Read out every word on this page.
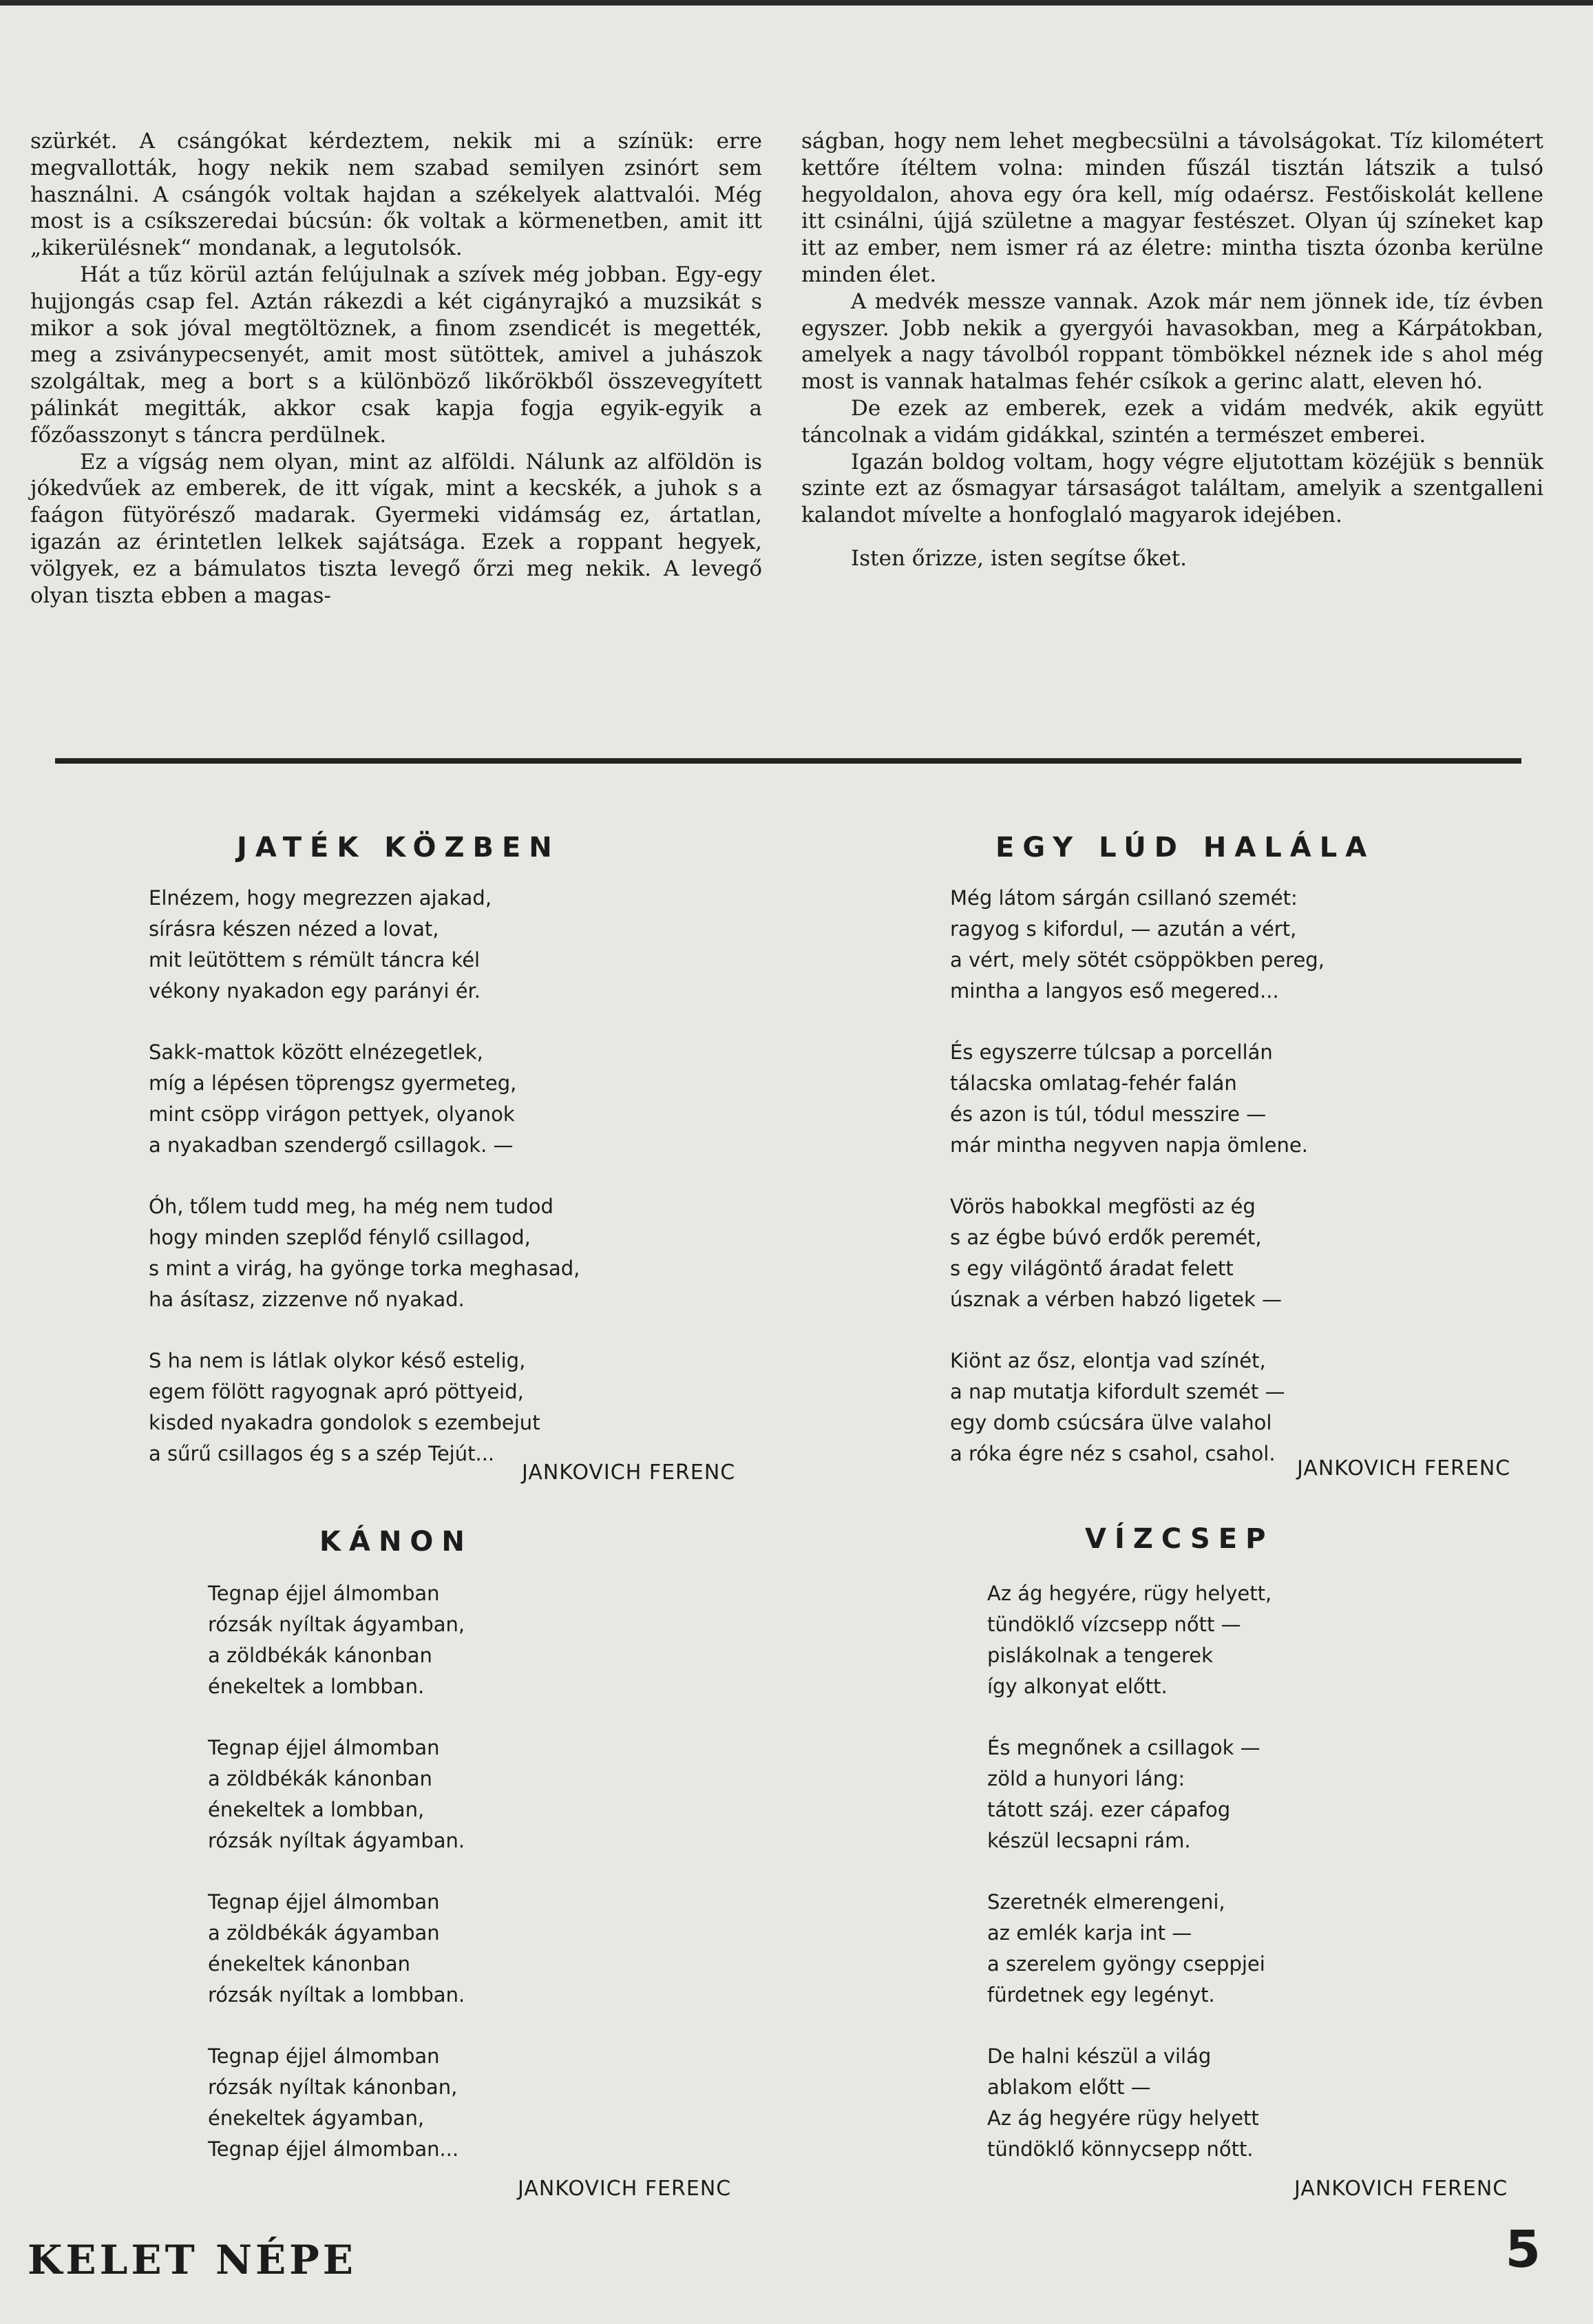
szürkét. A csángókat kérdeztem, nekik mi a színük: erre megvallották, hogy nekik nem szabad semilyen zsinórt sem használni. A csángók voltak hajdan a székelyek alattvalói. Még most is a csíkszeredai búcsún: ők voltak a körmenetben, amit itt „kikerülésnek“ mondanak, a legutolsók.

Hát a tűz körül aztán felújulnak a szívek még jobban. Egy-egy hujjongás csap fel. Aztán rákezdi a két cigányrajkó a muzsikát s mikor a sok jóval megtöltöznek, a finom zsendicét is megették, meg a zsiványpecsenyét, amit most sütöttek, amivel a juhászok szolgáltak, meg a bort s a különböző likőrökből összevegyített pálinkát megitták, akkor csak kapja fogja egyik-egyik a főzőasszonyt s táncra perdülnek.

Ez a vígság nem olyan, mint az alföldi. Nálunk az alföldön is jókedvűek az emberek, de itt vígak, mint a kecskék, a juhok s a faágon fütyörésző madarak. Gyermeki vidámság ez, ártatlan, igazán az érintetlen lelkek sajátsága. Ezek a roppant hegyek, völgyek, ez a bámulatos tiszta levegő őrzi meg nekik. A levegő olyan tiszta ebben a magas-

ságban, hogy nem lehet megbecsülni a távolságokat. Tíz kilométert kettőre ítéltem volna: minden fűszál tisztán látszik a tulsó hegyoldalon, ahova egy óra kell, míg odaérsz. Festőiskolát kellene itt csinálni, újjá születne a magyar festészet. Olyan új színeket kap itt az ember, nem ismer rá az életre: mintha tiszta ózonba kerülne minden élet.

A medvék messze vannak. Azok már nem jönnek ide, tíz évben egyszer. Jobb nekik a gyergyói havasokban, meg a Kárpátokban, amelyek a nagy távolból roppant tömbökkel néznek ide s ahol még most is vannak hatalmas fehér csíkok a gerinc alatt, eleven hó.

De ezek az emberek, ezek a vidám medvék, akik együtt táncolnak a vidám gidákkal, szintén a természet emberei.

Igazán boldog voltam, hogy végre eljutottam közéjük s bennük szinte ezt az ősmagyar társaságot találtam, amelyik a szentgalleni kalandot mívelte a honfoglaló magyarok idejében.

Isten őrizze, isten segítse őket.

JATÉK KÖZBEN
Elnézem, hogy megrezzen ajakad,
sírásra készen nézed a lovat,
mit leütöttem s rémült táncra kél
vékony nyakadon egy parányi ér.
Sakk-mattok között elnézegetlek,
míg a lépésen töprengsz gyermeteg,
mint csöpp virágon pettyek, olyanok
a nyakadban szendergő csillagok. —
Óh, tőlem tudd meg, ha még nem tudod
hogy minden szeplőd fénylő csillagod,
s mint a virág, ha gyönge torka meghasad,
ha ásítasz, zizzenve nő nyakad.
S ha nem is látlak olykor késő estelig,
egem fölött ragyognak apró pöttyeid,
kisded nyakadra gondolok s ezembejut
a sűrű csillagos ég s a szép Tejút...
JANKOVICH FERENC
EGY LÚD HALÁLA
Még látom sárgán csillanó szemét:
ragyog s kifordul, — azután a vért,
a vért, mely sötét csöppökben pereg,
mintha a langyos eső megered...
És egyszerre túlcsap a porcellán
tálacska omlatag-fehér falán
és azon is túl, tódul messzire —
már mintha negyven napja ömlene.
Vörös habokkal megfösti az ég
s az égbe búvó erdők peremét,
s egy világöntő áradat felett
úsznak a vérben habzó ligetek —
Kiönt az ősz, elontja vad színét,
a nap mutatja kifordult szemét —
egy domb csúcsára ülve valahol
a róka égre néz s csahol, csahol.
JANKOVICH FERENC
KÁNON
Tegnap éjjel álmomban
rózsák nyíltak ágyamban,
a zöldbékák kánonban
énekeltek a lombban.
Tegnap éjjel álmomban
a zöldbékák kánonban
énekeltek a lombban,
rózsák nyíltak ágyamban.
Tegnap éjjel álmomban
a zöldbékák ágyamban
énekeltek kánonban
rózsák nyíltak a lombban.
Tegnap éjjel álmomban
rózsák nyíltak kánonban,
énekeltek ágyamban,
Tegnap éjjel álmomban...
JANKOVICH FERENC
VÍZCSEP
Az ág hegyére, rügy helyett,
tündöklő vízcsepp nőtt —
pislákolnak a tengerek
így alkonyat előtt.
És megnőnek a csillagok —
zöld a hunyori láng:
tátott száj. ezer cápafog
készül lecsapni rám.
Szeretnék elmerengeni,
az emlék karja int —
a szerelem gyöngy cseppjei
fürdetnek egy legényt.
De halni készül a világ
ablakom előtt —
Az ág hegyére rügy helyett
tündöklő könnycsepp nőtt.
JANKOVICH FERENC
KELET NÉPE	5
